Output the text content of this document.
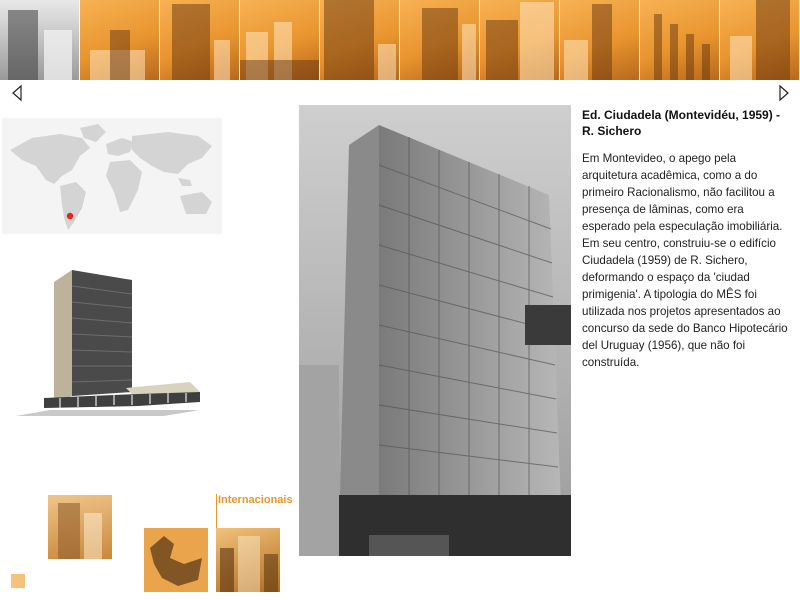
Ed. Ciudadela (Montevidéu, 1959) - R. Sichero
Em Montevideo, o apego pela arquitetura acadêmica, como a do primeiro Racionalismo, não facilitou a presença de lâminas, como era esperado pela especulação imobiliária. Em seu centro, construiu-se o edifício Ciudadela (1959) de R. Sichero, deformando o espaço da 'ciudad primigenia'. A tipologia do MÊS foi utilizada nos projetos apresentados ao concurso da sede do Banco Hipotecário del Uruguay (1956), que não foi construída.
Internacionais
